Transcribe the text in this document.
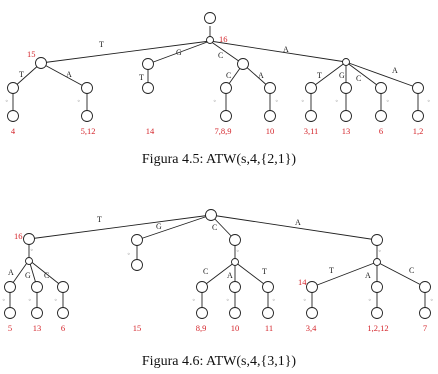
◦	◦	◦	◦	◦	◦	◦	◦
T
G	C
A
T	A	T	C	A	T G C
A
16
15
4	5,12	14	7,8,9	10	3,11	13	6	1,2
Figura 4.5: ATW(s,4,{2,1})
◦
◦	◦	◦
◦	◦	◦	◦	◦	◦	◦	◦	◦
T
G	C
A
A G C	C A	T	T
A
C
16
14
5 13 6	15	8,9	10	11	3,4	1,2,12	7
Figura 4.6: ATW(s,4,{3,1})
